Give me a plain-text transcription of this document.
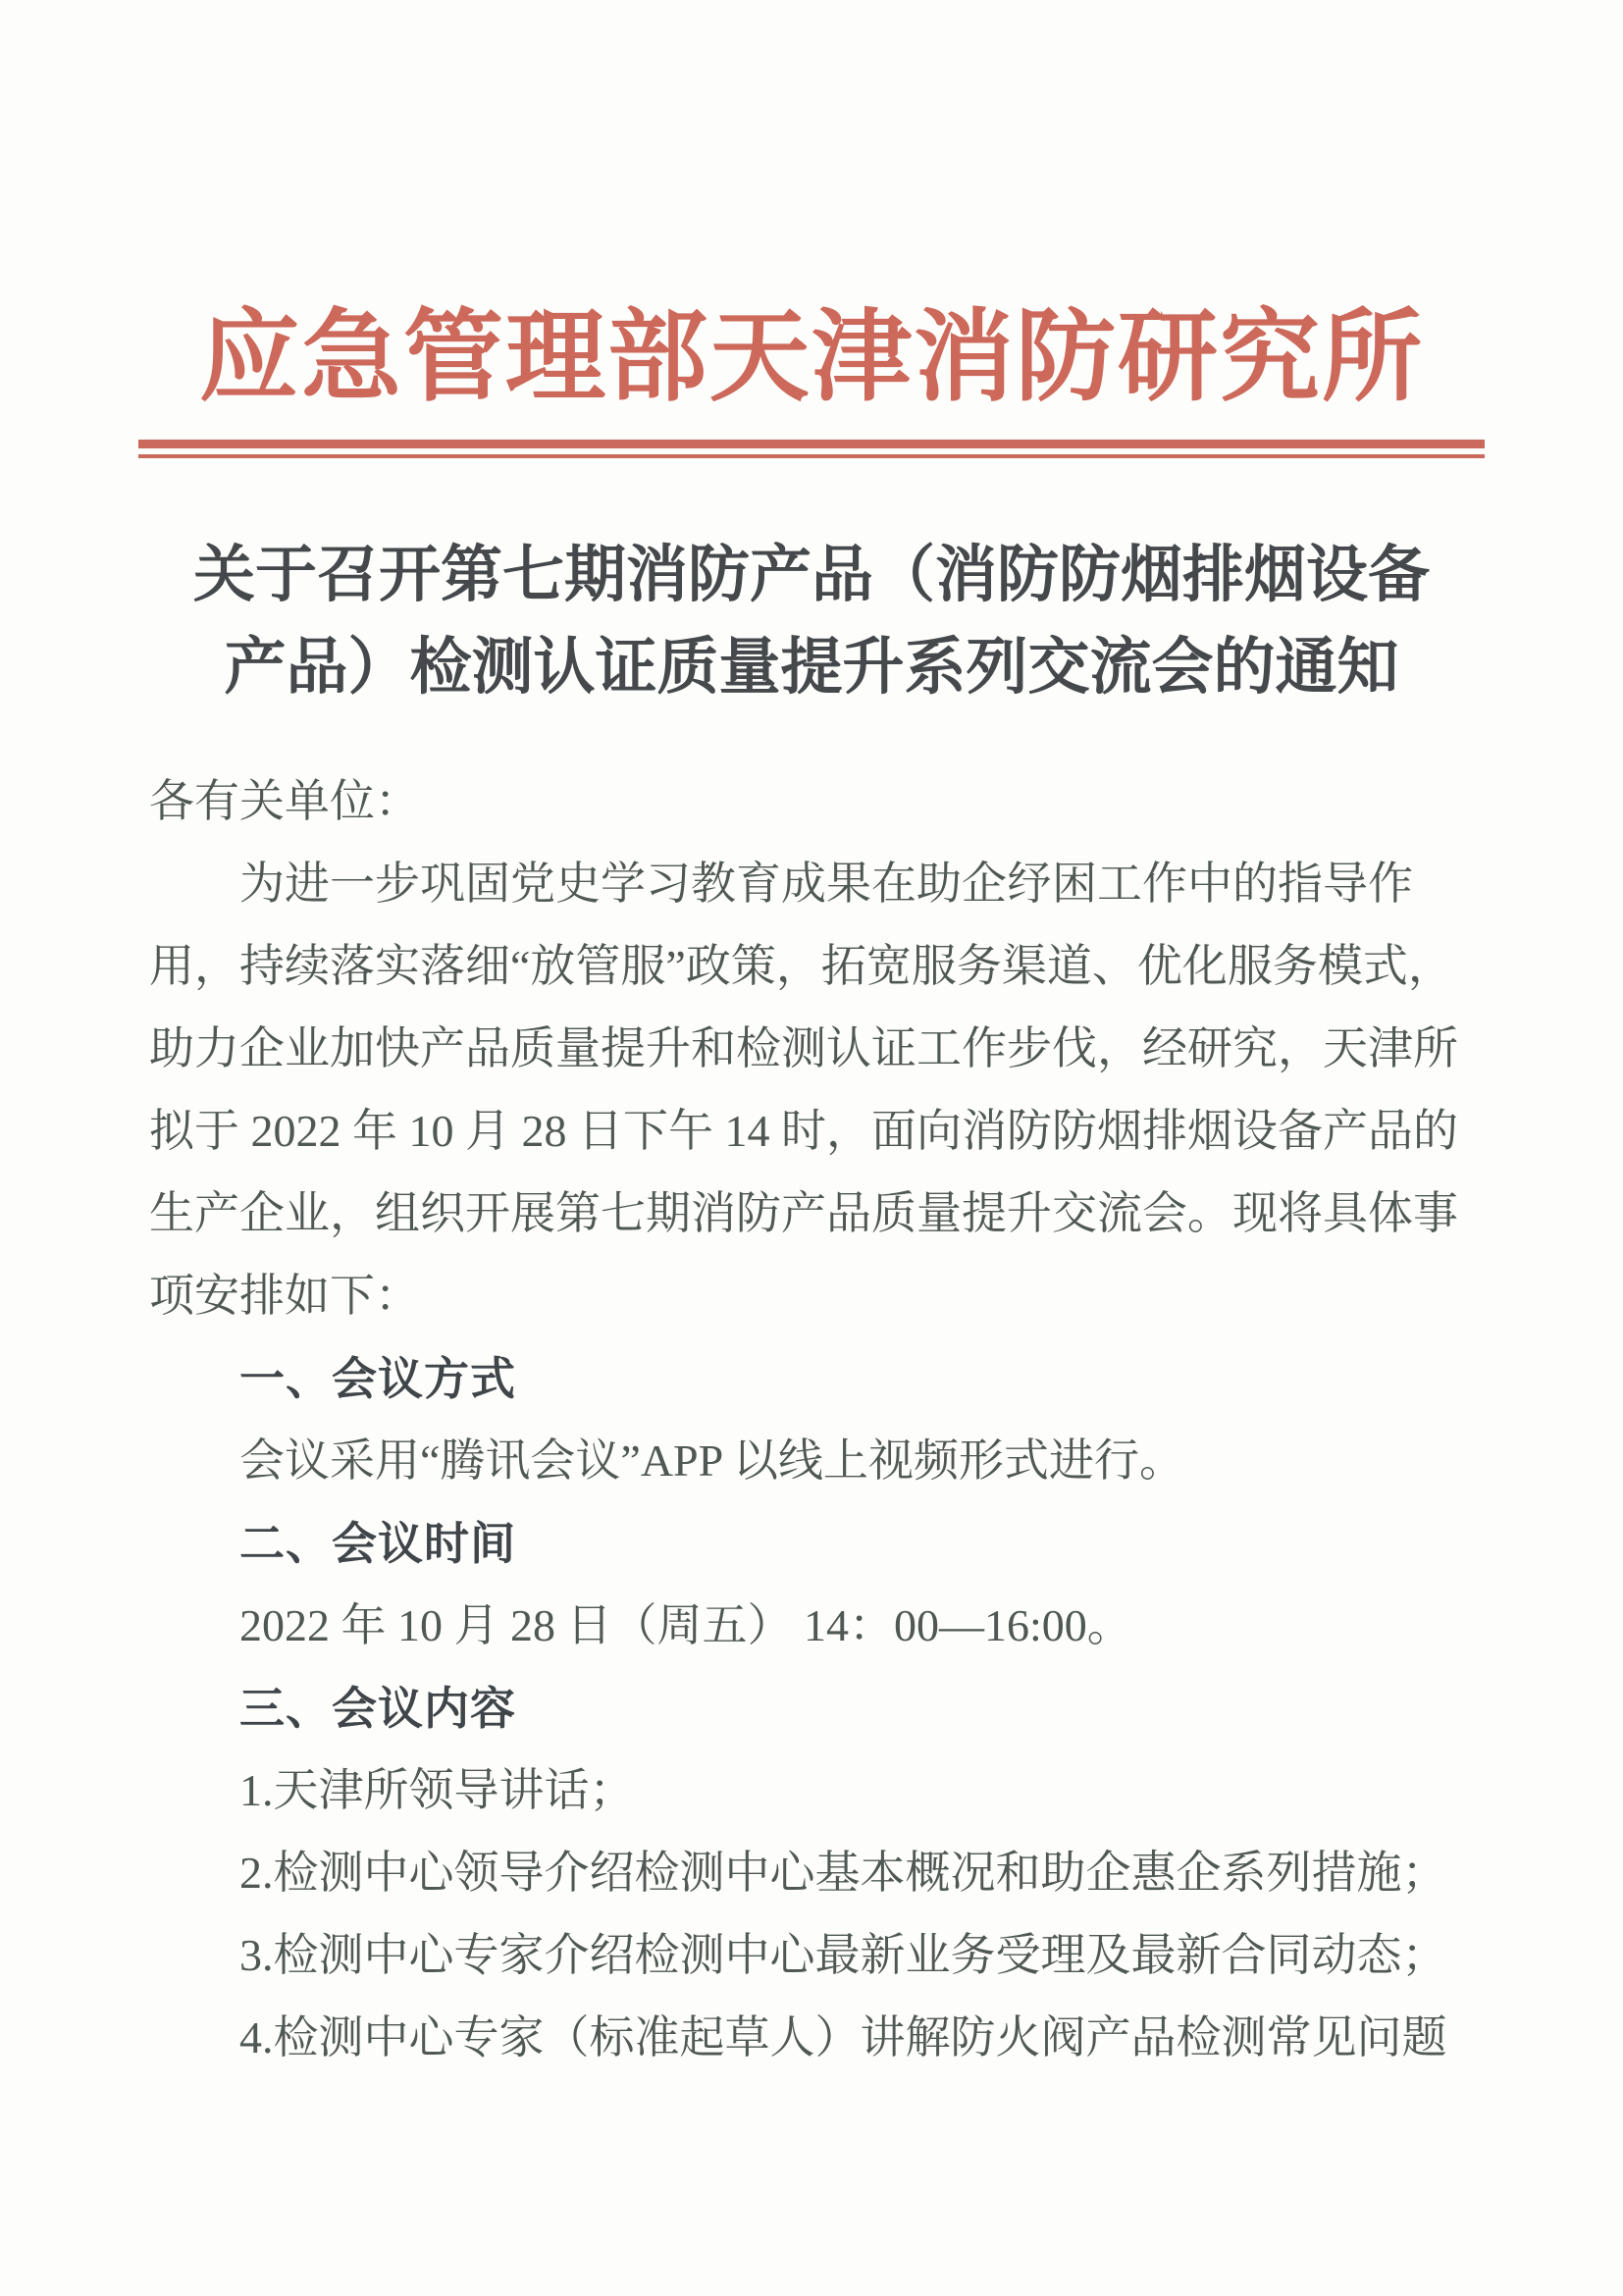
应急管理部天津消防研究所
关于召开第七期消防产品（消防防烟排烟设备
产品）检测认证质量提升系列交流会的通知
各有关单位：
为进一步巩固党史学习教育成果在助企纾困工作中的指导作
用，持续落实落细“放管服”政策，拓宽服务渠道、优化服务模式，
助力企业加快产品质量提升和检测认证工作步伐，经研究，天津所
拟于 2022 年 10 月 28 日下午 14 时，面向消防防烟排烟设备产品的
生产企业，组织开展第七期消防产品质量提升交流会。现将具体事
项安排如下：
一、会议方式
会议采用“腾讯会议”APP 以线上视频形式进行。
二、会议时间
2022 年 10 月 28 日（周五） 14：00—16:00。
三、会议内容
1.天津所领导讲话；
2.检测中心领导介绍检测中心基本概况和助企惠企系列措施；
3.检测中心专家介绍检测中心最新业务受理及最新合同动态；
4.检测中心专家（标准起草人）讲解防火阀产品检测常见问题
